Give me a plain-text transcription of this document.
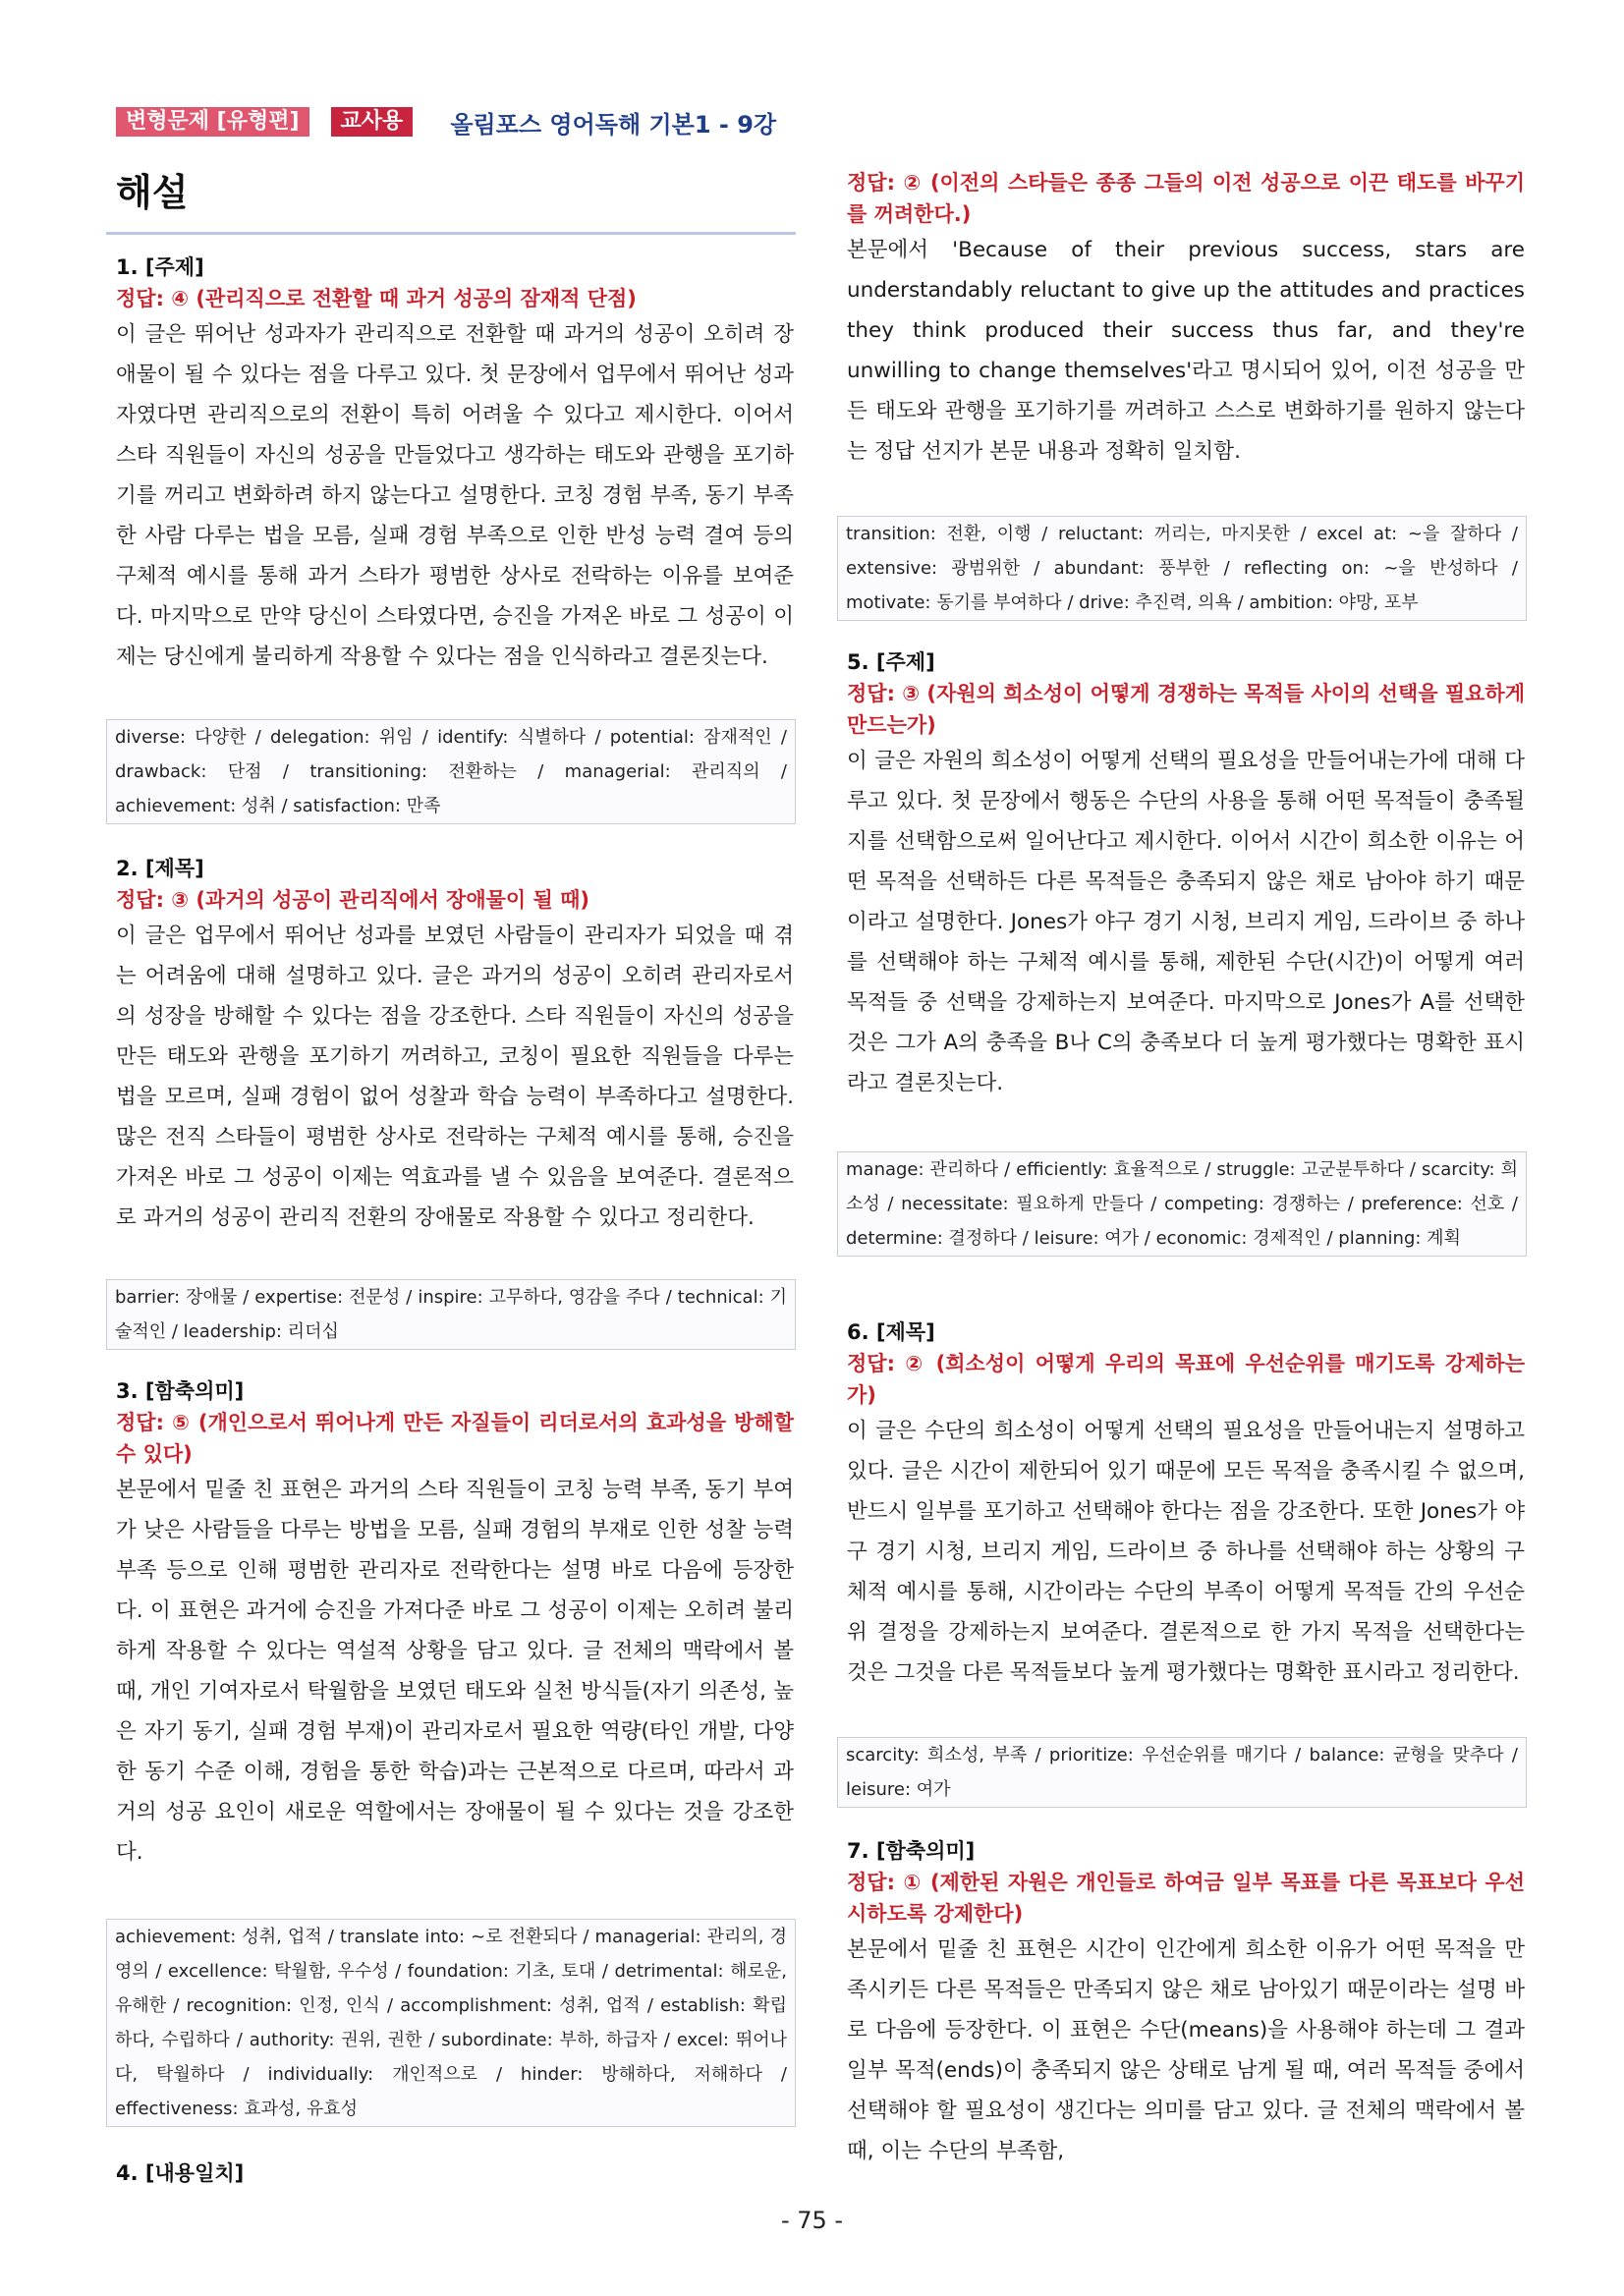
변형문제 [유형편]	교사용	올림포스 영어독해 기본1 - 9강
해설
1. [주제]
정답: ④ (관리직으로 전환할 때 과거 성공의 잠재적 단점)

이 글은 뛰어난 성과자가 관리직으로 전환할 때 과거의 성공이 오히려 장애물이 될 수 있다는 점을 다루고 있다. 첫 문장에서 업무에서 뛰어난 성과자였다면 관리직으로의 전환이 특히 어려울 수 있다고 제시한다. 이어서 스타 직원들이 자신의 성공을 만들었다고 생각하는 태도와 관행을 포기하기를 꺼리고 변화하려 하지 않는다고 설명한다. 코칭 경험 부족, 동기 부족한 사람 다루는 법을 모름, 실패 경험 부족으로 인한 반성 능력 결여 등의 구체적 예시를 통해 과거 스타가 평범한 상사로 전락하는 이유를 보여준다. 마지막으로 만약 당신이 스타였다면, 승진을 가져온 바로 그 성공이 이제는 당신에게 불리하게 작용할 수 있다는 점을 인식하라고 결론짓는다.

diverse: 다양한 / delegation: 위임 / identify: 식별하다 / potential: 잠재적인 / drawback: 단점 / transitioning: 전환하는 / managerial: 관리직의 / achievement: 성취 / satisfaction: 만족
2. [제목]
정답: ③ (과거의 성공이 관리직에서 장애물이 될 때)

이 글은 업무에서 뛰어난 성과를 보였던 사람들이 관리자가 되었을 때 겪는 어려움에 대해 설명하고 있다. 글은 과거의 성공이 오히려 관리자로서의 성장을 방해할 수 있다는 점을 강조한다. 스타 직원들이 자신의 성공을 만든 태도와 관행을 포기하기 꺼려하고, 코칭이 필요한 직원들을 다루는 법을 모르며, 실패 경험이 없어 성찰과 학습 능력이 부족하다고 설명한다. 많은 전직 스타들이 평범한 상사로 전락하는 구체적 예시를 통해, 승진을 가져온 바로 그 성공이 이제는 역효과를 낼 수 있음을 보여준다. 결론적으로 과거의 성공이 관리직 전환의 장애물로 작용할 수 있다고 정리한다.

barrier: 장애물 / expertise: 전문성 / inspire: 고무하다, 영감을 주다 / technical: 기술적인 / leadership: 리더십
3. [함축의미]
정답: ⑤ (개인으로서 뛰어나게 만든 자질들이 리더로서의 효과성을 방해할 수 있다)

본문에서 밑줄 친 표현은 과거의 스타 직원들이 코칭 능력 부족, 동기 부여가 낮은 사람들을 다루는 방법을 모름, 실패 경험의 부재로 인한 성찰 능력 부족 등으로 인해 평범한 관리자로 전락한다는 설명 바로 다음에 등장한다. 이 표현은 과거에 승진을 가져다준 바로 그 성공이 이제는 오히려 불리하게 작용할 수 있다는 역설적 상황을 담고 있다. 글 전체의 맥락에서 볼 때, 개인 기여자로서 탁월함을 보였던 태도와 실천 방식들(자기 의존성, 높은 자기 동기, 실패 경험 부재)이 관리자로서 필요한 역량(타인 개발, 다양한 동기 수준 이해, 경험을 통한 학습)과는 근본적으로 다르며, 따라서 과거의 성공 요인이 새로운 역할에서는 장애물이 될 수 있다는 것을 강조한다.

achievement: 성취, 업적 / translate into: ~로 전환되다 / managerial: 관리의, 경영의 / excellence: 탁월함, 우수성 / foundation: 기초, 토대 / detrimental: 해로운, 유해한 / recognition: 인정, 인식 / accomplishment: 성취, 업적 / establish: 확립하다, 수립하다 / authority: 권위, 권한 / subordinate: 부하, 하급자 / excel: 뛰어나다, 탁월하다 / individually: 개인적으로 / hinder: 방해하다, 저해하다 / effectiveness: 효과성, 유효성
4. [내용일치]
정답: ② (이전의 스타들은 종종 그들의 이전 성공으로 이끈 태도를 바꾸기를 꺼려한다.)

본문에서 'Because of their previous success, stars are understandably reluctant to give up the attitudes and practices they think produced their success thus far, and they're unwilling to change themselves'라고 명시되어 있어, 이전 성공을 만든 태도와 관행을 포기하기를 꺼려하고 스스로 변화하기를 원하지 않는다는 정답 선지가 본문 내용과 정확히 일치함.

transition: 전환, 이행 / reluctant: 꺼리는, 마지못한 / excel at: ~을 잘하다 / extensive: 광범위한 / abundant: 풍부한 / reflecting on: ~을 반성하다 / motivate: 동기를 부여하다 / drive: 추진력, 의욕 / ambition: 야망, 포부
5. [주제]
정답: ③ (자원의 희소성이 어떻게 경쟁하는 목적들 사이의 선택을 필요하게 만드는가)

이 글은 자원의 희소성이 어떻게 선택의 필요성을 만들어내는가에 대해 다루고 있다. 첫 문장에서 행동은 수단의 사용을 통해 어떤 목적들이 충족될지를 선택함으로써 일어난다고 제시한다. 이어서 시간이 희소한 이유는 어떤 목적을 선택하든 다른 목적들은 충족되지 않은 채로 남아야 하기 때문이라고 설명한다. Jones가 야구 경기 시청, 브리지 게임, 드라이브 중 하나를 선택해야 하는 구체적 예시를 통해, 제한된 수단(시간)이 어떻게 여러 목적들 중 선택을 강제하는지 보여준다. 마지막으로 Jones가 A를 선택한 것은 그가 A의 충족을 B나 C의 충족보다 더 높게 평가했다는 명확한 표시라고 결론짓는다.

manage: 관리하다 / efficiently: 효율적으로 / struggle: 고군분투하다 / scarcity: 희소성 / necessitate: 필요하게 만들다 / competing: 경쟁하는 / preference: 선호 / determine: 결정하다 / leisure: 여가 / economic: 경제적인 / planning: 계획
6. [제목]
정답: ② (희소성이 어떻게 우리의 목표에 우선순위를 매기도록 강제하는가)

이 글은 수단의 희소성이 어떻게 선택의 필요성을 만들어내는지 설명하고 있다. 글은 시간이 제한되어 있기 때문에 모든 목적을 충족시킬 수 없으며, 반드시 일부를 포기하고 선택해야 한다는 점을 강조한다. 또한 Jones가 야구 경기 시청, 브리지 게임, 드라이브 중 하나를 선택해야 하는 상황의 구체적 예시를 통해, 시간이라는 수단의 부족이 어떻게 목적들 간의 우선순위 결정을 강제하는지 보여준다. 결론적으로 한 가지 목적을 선택한다는 것은 그것을 다른 목적들보다 높게 평가했다는 명확한 표시라고 정리한다.

scarcity: 희소성, 부족 / prioritize: 우선순위를 매기다 / balance: 균형을 맞추다 / leisure: 여가
7. [함축의미]
정답: ① (제한된 자원은 개인들로 하여금 일부 목표를 다른 목표보다 우선시하도록 강제한다)

본문에서 밑줄 친 표현은 시간이 인간에게 희소한 이유가 어떤 목적을 만족시키든 다른 목적들은 만족되지 않은 채로 남아있기 때문이라는 설명 바로 다음에 등장한다. 이 표현은 수단(means)을 사용해야 하는데 그 결과 일부 목적(ends)이 충족되지 않은 상태로 남게 될 때, 여러 목적들 중에서 선택해야 할 필요성이 생긴다는 의미를 담고 있다. 글 전체의 맥락에서 볼 때, 이는 수단의 부족함,

- 75 -
